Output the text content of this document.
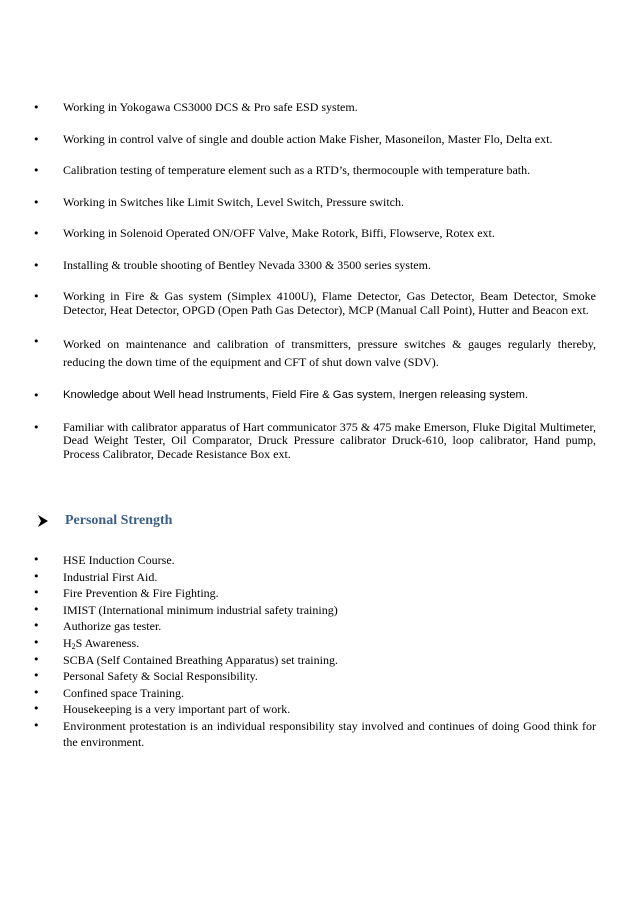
• Working in Yokogawa CS3000 DCS & Pro safe ESD system.
• Working in control valve of single and double action Make Fisher, Masoneilon, Master Flo, Delta ext.
• Calibration testing of temperature element such as a RTD’s, thermocouple with temperature bath.
• Working in Switches like Limit Switch, Level Switch, Pressure switch.
• Working in Solenoid Operated ON/OFF Valve, Make Rotork, Biffi, Flowserve, Rotex ext.
• Installing & trouble shooting of Bentley Nevada 3300 & 3500 series system.
• Working in Fire & Gas system (Simplex 4100U), Flame Detector, Gas Detector, Beam Detector, Smoke Detector, Heat Detector, OPGD (Open Path Gas Detector), MCP (Manual Call Point), Hutter and Beacon ext.
• Worked on maintenance and calibration of transmitters, pressure switches & gauges regularly thereby, reducing the down time of the equipment and CFT of shut down valve (SDV).
• Knowledge about Well head Instruments, Field Fire & Gas system, Inergen releasing system.
• Familiar with calibrator apparatus of Hart communicator 375 & 475 make Emerson, Fluke Digital Multimeter, Dead Weight Tester, Oil Comparator, Druck Pressure calibrator Druck-610, loop calibrator, Hand pump, Process Calibrator, Decade Resistance Box ext.
Personal Strength
• HSE Induction Course.
• Industrial First Aid.
• Fire Prevention & Fire Fighting.
• IMIST (International minimum industrial safety training)
• Authorize gas tester.
• $H_2S$ Awareness.
• SCBA (Self Contained Breathing Apparatus) set training.
• Personal Safety & Social Responsibility.
• Confined space Training.
• Housekeeping is a very important part of work.
• Environment protestation is an individual responsibility stay involved and continues of doing Good think for the environment.
